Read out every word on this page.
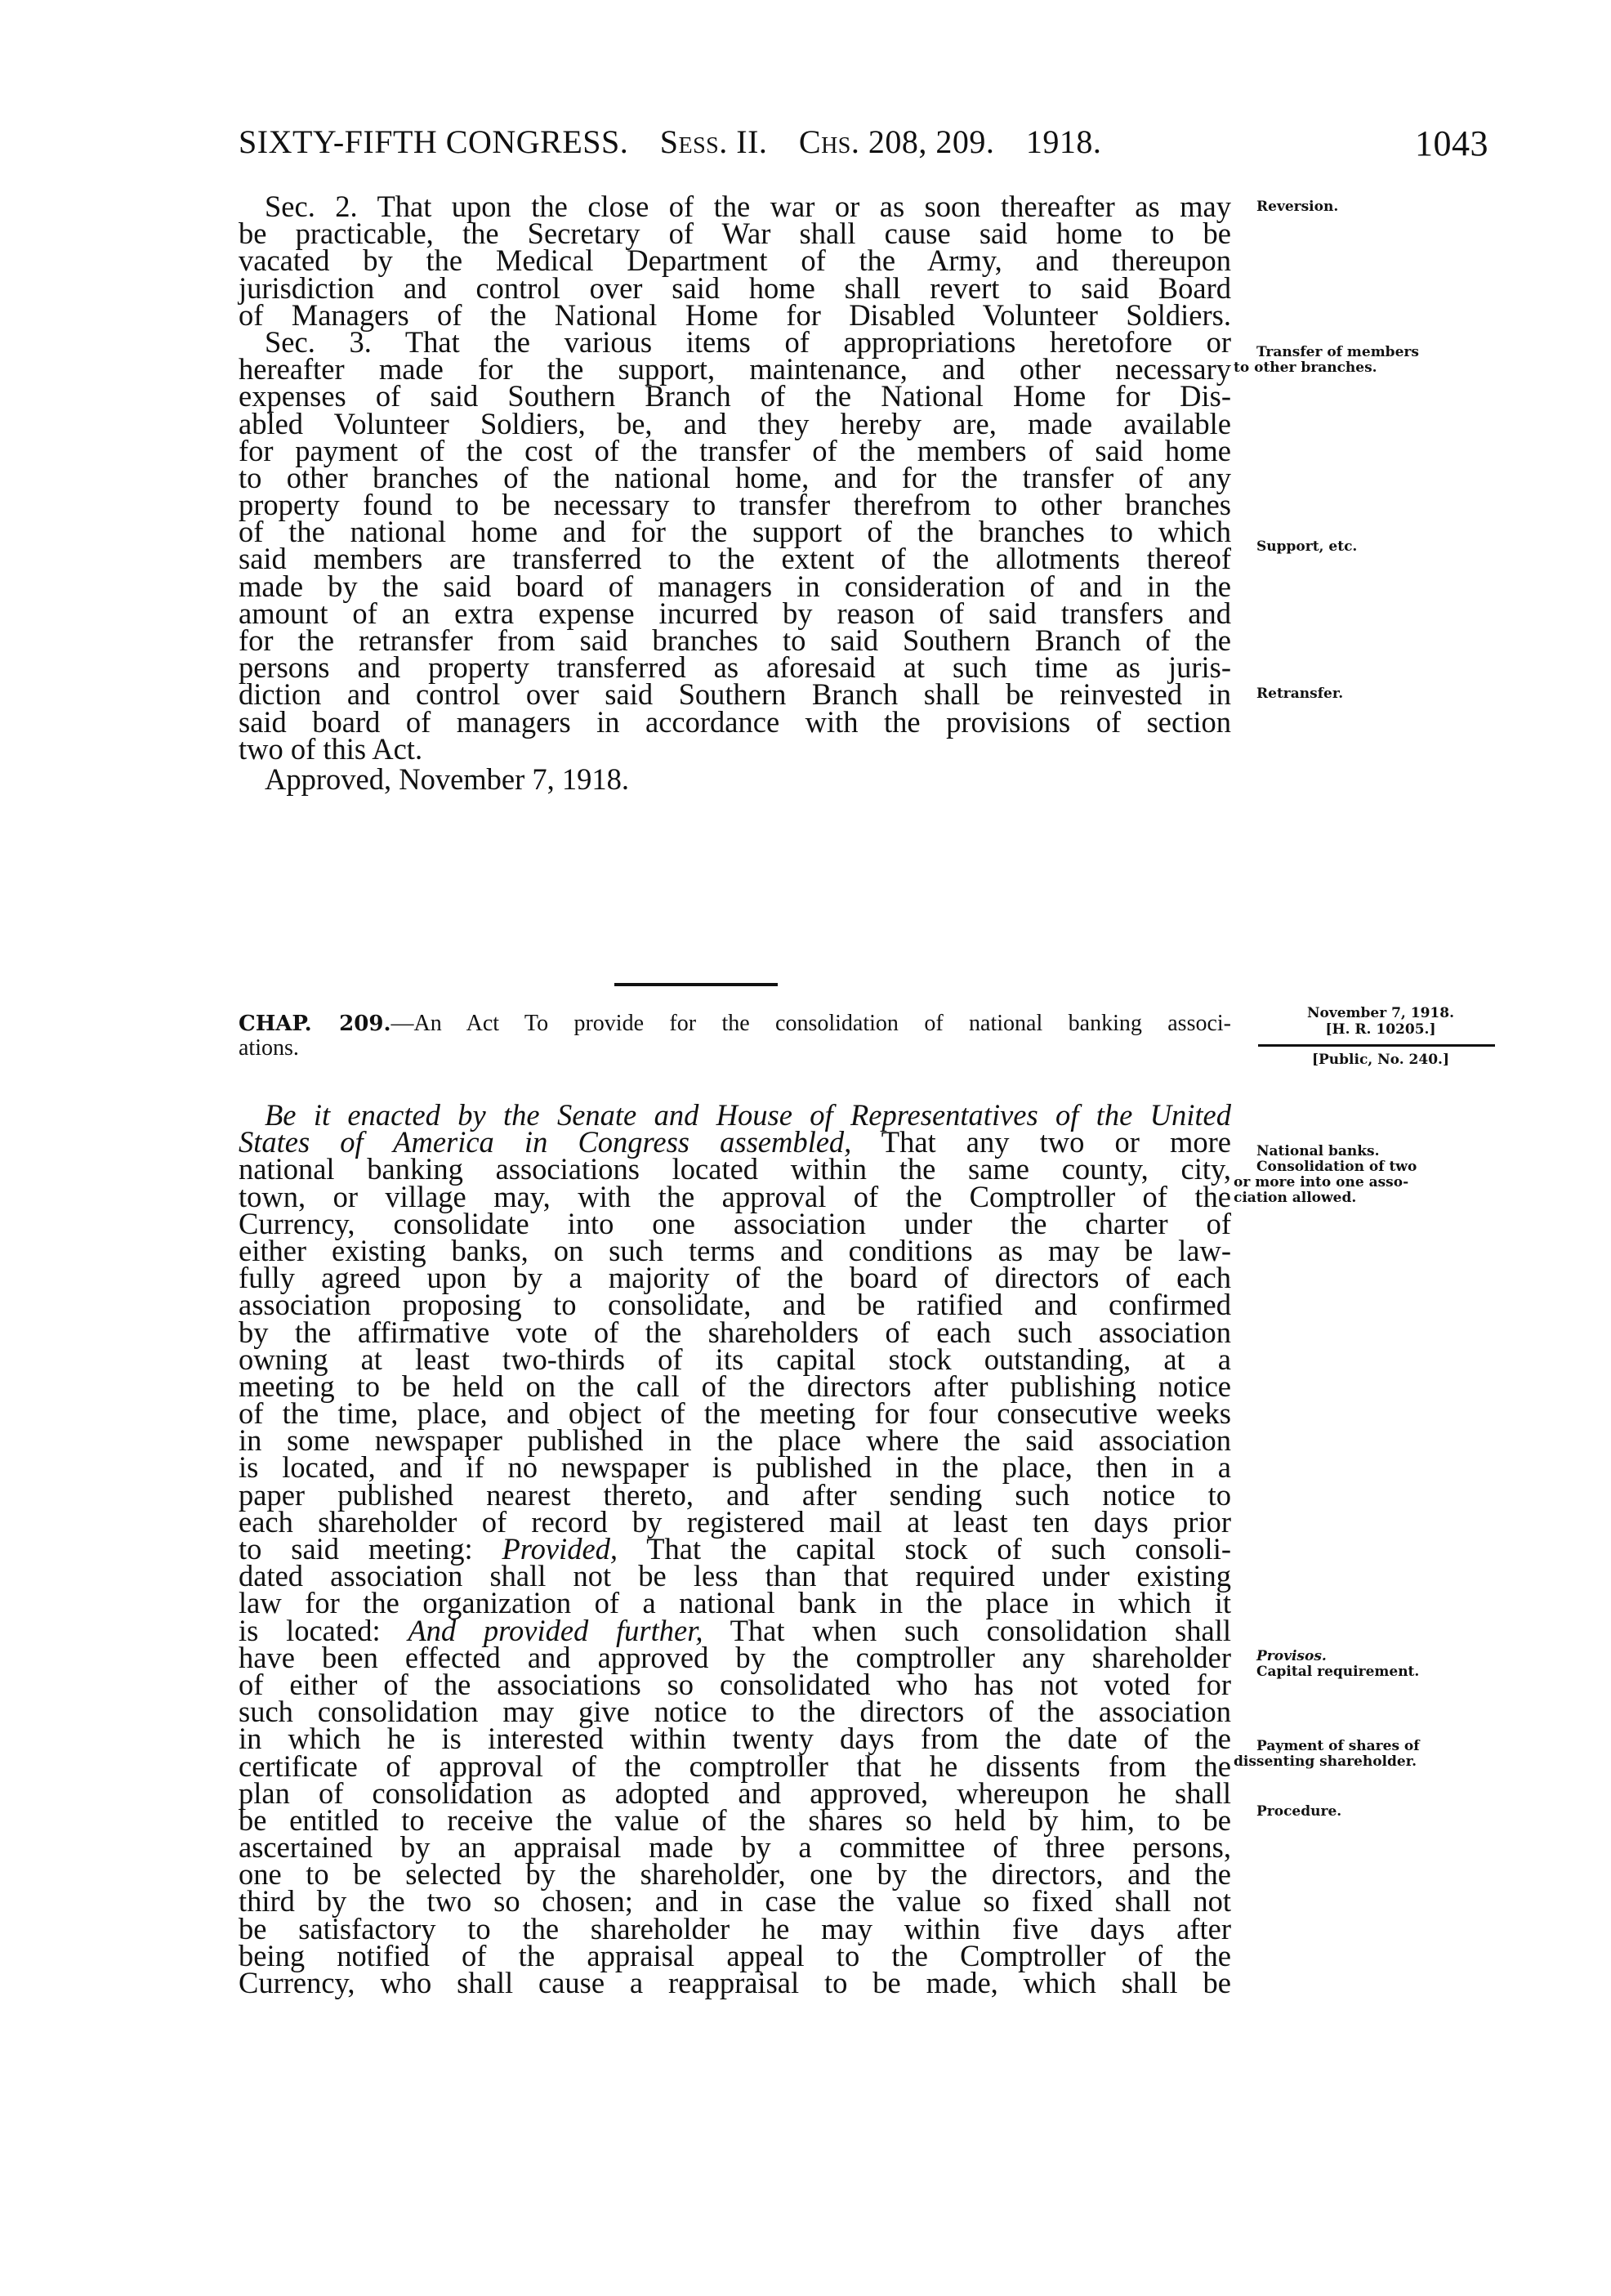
SIXTY-FIFTH CONGRESS. Sess. II. Chs. 208, 209. 1918.	1043
Sec. 2. That upon the close of the war or as soon thereafter as may
be practicable, the Secretary of War shall cause said home to be
vacated by the Medical Department of the Army, and thereupon
jurisdiction and control over said home shall revert to said Board
of Managers of the National Home for Disabled Volunteer Soldiers.
Sec. 3. That the various items of appropriations heretofore or
hereafter made for the support, maintenance, and other necessary
expenses of said Southern Branch of the National Home for Dis-
abled Volunteer Soldiers, be, and they hereby are, made available
for payment of the cost of the transfer of the members of said home
to other branches of the national home, and for the transfer of any
property found to be necessary to transfer therefrom to other branches
of the national home and for the support of the branches to which
said members are transferred to the extent of the allotments thereof
made by the said board of managers in consideration of and in the
amount of an extra expense incurred by reason of said transfers and
for the retransfer from said branches to said Southern Branch of the
persons and property transferred as aforesaid at such time as juris-
diction and control over said Southern Branch shall be reinvested in
said board of managers in accordance with the provisions of section
two of this Act.
Approved, November 7, 1918.
Reversion.
Transfer of members
to other branches.
Support, etc.
Retransfer.
CHAP. 209.—An Act To provide for the consolidation of national banking associ-
ations.
November 7, 1918.
[H. R. 10205.]
[Public, No. 240.]
Be it enacted by the Senate and House of Representatives of the United
States of America in Congress assembled, That any two or more
national banking associations located within the same county, city,
town, or village may, with the approval of the Comptroller of the
Currency, consolidate into one association under the charter of
either existing banks, on such terms and conditions as may be law-
fully agreed upon by a majority of the board of directors of each
association proposing to consolidate, and be ratified and confirmed
by the affirmative vote of the shareholders of each such association
owning at least two-thirds of its capital stock outstanding, at a
meeting to be held on the call of the directors after publishing notice
of the time, place, and object of the meeting for four consecutive weeks
in some newspaper published in the place where the said association
is located, and if no newspaper is published in the place, then in a
paper published nearest thereto, and after sending such notice to
each shareholder of record by registered mail at least ten days prior
to said meeting: Provided, That the capital stock of such consoli-
dated association shall not be less than that required under existing
law for the organization of a national bank in the place in which it
is located: And provided further, That when such consolidation shall
have been effected and approved by the comptroller any shareholder
of either of the associations so consolidated who has not voted for
such consolidation may give notice to the directors of the association
in which he is interested within twenty days from the date of the
certificate of approval of the comptroller that he dissents from the
plan of consolidation as adopted and approved, whereupon he shall
be entitled to receive the value of the shares so held by him, to be
ascertained by an appraisal made by a committee of three persons,
one to be selected by the shareholder, one by the directors, and the
third by the two so chosen; and in case the value so fixed shall not
be satisfactory to the shareholder he may within five days after
being notified of the appraisal appeal to the Comptroller of the
Currency, who shall cause a reappraisal to be made, which shall be
National banks.
Consolidation of two
or more into one asso-
ciation allowed.
Provisos.
Capital requirement.
Payment of shares of
dissenting shareholder.
Procedure.
